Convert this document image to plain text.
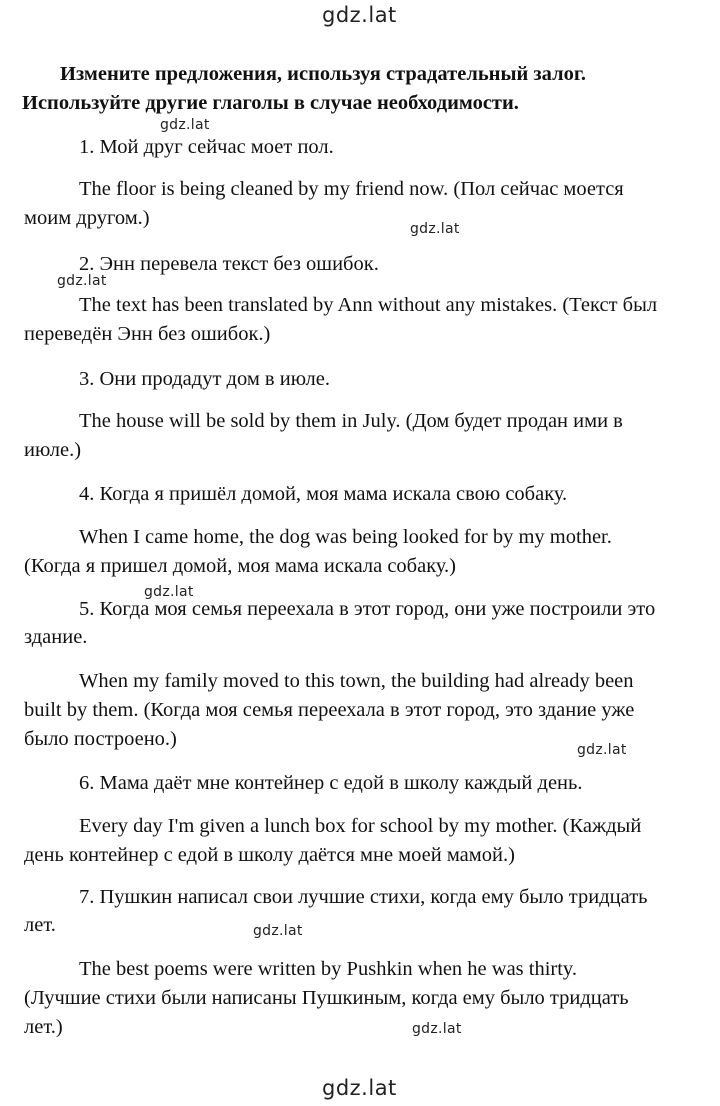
gdz.lat
gdz.lat
gdz.lat
gdz.lat
gdz.lat
gdz.lat
gdz.lat
gdz.lat
gdz.lat
Измените предложения, используя страдательный залог.
Используйте другие глаголы в случае необходимости.
1. Мой друг сейчас моет пол.
The floor is being cleaned by my friend now. (Пол сейчас моется
моим другом.)
2. Энн перевела текст без ошибок.
The text has been translated by Ann without any mistakes. (Текст был
переведён Энн без ошибок.)
3. Они продадут дом в июле.
The house will be sold by them in July. (Дом будет продан ими в
июле.)
4. Когда я пришёл домой, моя мама искала свою собаку.
When I came home, the dog was being looked for by my mother.
(Когда я пришел домой, моя мама искала собаку.)
5. Когда моя семья переехала в этот город, они уже построили это
здание.
When my family moved to this town, the building had already been
built by them. (Когда моя семья переехала в этот город, это здание уже
было построено.)
6. Мама даёт мне контейнер с едой в школу каждый день.
Every day I'm given a lunch box for school by my mother. (Каждый
день контейнер с едой в школу даётся мне моей мамой.)
7. Пушкин написал свои лучшие стихи, когда ему было тридцать
лет.
The best poems were written by Pushkin when he was thirty.
(Лучшие стихи были написаны Пушкиным, когда ему было тридцать
лет.)
